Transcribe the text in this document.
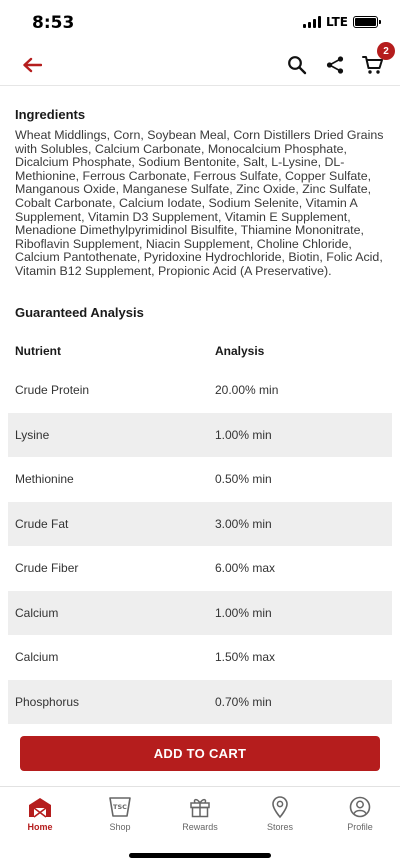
8:53	LTE
2
Ingredients
Wheat Middlings, Corn, Soybean Meal, Corn Distillers Dried Grains
with Solubles, Calcium Carbonate, Monocalcium Phosphate,
Dicalcium Phosphate, Sodium Bentonite, Salt, L-Lysine, DL-
Methionine, Ferrous Carbonate, Ferrous Sulfate, Copper Sulfate,
Manganous Oxide, Manganese Sulfate, Zinc Oxide, Zinc Sulfate,
Cobalt Carbonate, Calcium Iodate, Sodium Selenite, Vitamin A
Supplement, Vitamin D3 Supplement, Vitamin E Supplement,
Menadione Dimethylpyrimidinol Bisulfite, Thiamine Mononitrate,
Riboflavin Supplement, Niacin Supplement, Choline Chloride,
Calcium Pantothenate, Pyridoxine Hydrochloride, Biotin, Folic Acid,
Vitamin B12 Supplement, Propionic Acid (A Preservative).
Guaranteed Analysis
Nutrient	Analysis
Crude Protein	20.00% min
Lysine	1.00% min
Methionine	0.50% min
Crude Fat	3.00% min
Crude Fiber	6.00% max
Calcium	1.00% min
Calcium	1.50% max
Phosphorus	0.70% min
ADD TO CART
Home
TSC
Shop	Rewards	Stores	Profile
